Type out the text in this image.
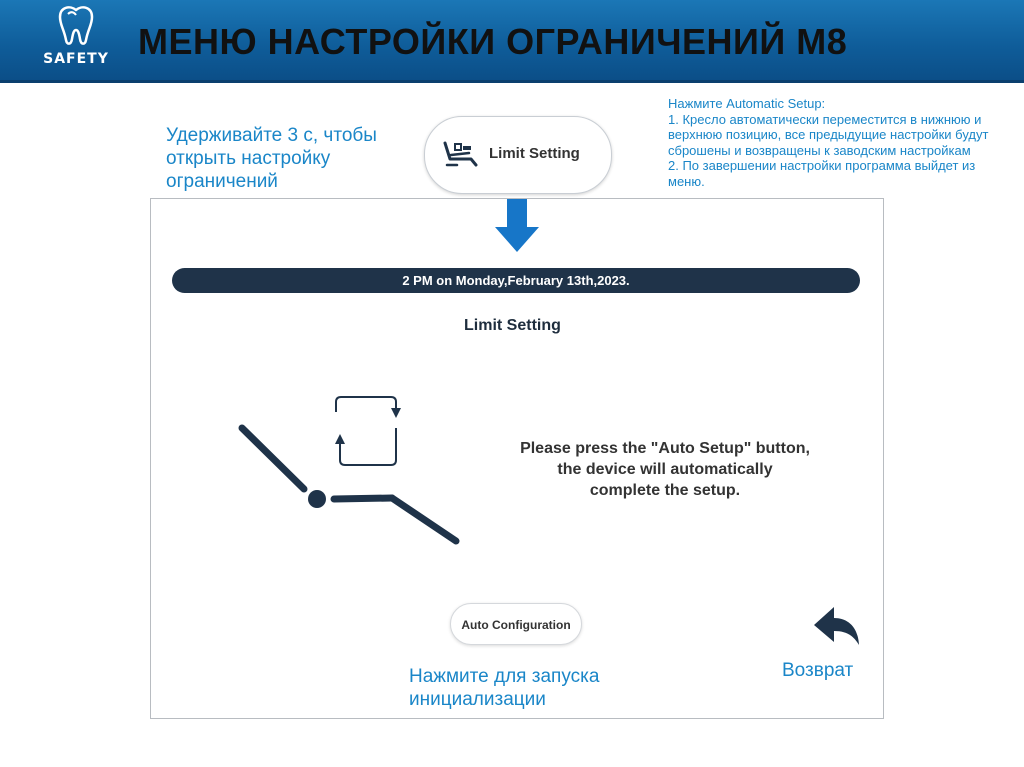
SAFETY МЕНЮ НАСТРОЙКИ ОГРАНИЧЕНИЙ M8
Удерживайте 3 с, чтобы открыть настройку ограничений
Limit Setting
Нажмите Automatic Setup:
1. Кресло автоматически переместится в нижнюю и верхнюю позицию, все предыдущие настройки будут сброшены и возвращены к заводским настройкам
2. По завершении настройки программа выйдет из меню.
2 PM on Monday,February 13th,2023.
Limit Setting
Please press the "Auto Setup" button,
the device will automatically
complete the setup.
Auto Configuration
Нажмите для запуска инициализации
Возврат
